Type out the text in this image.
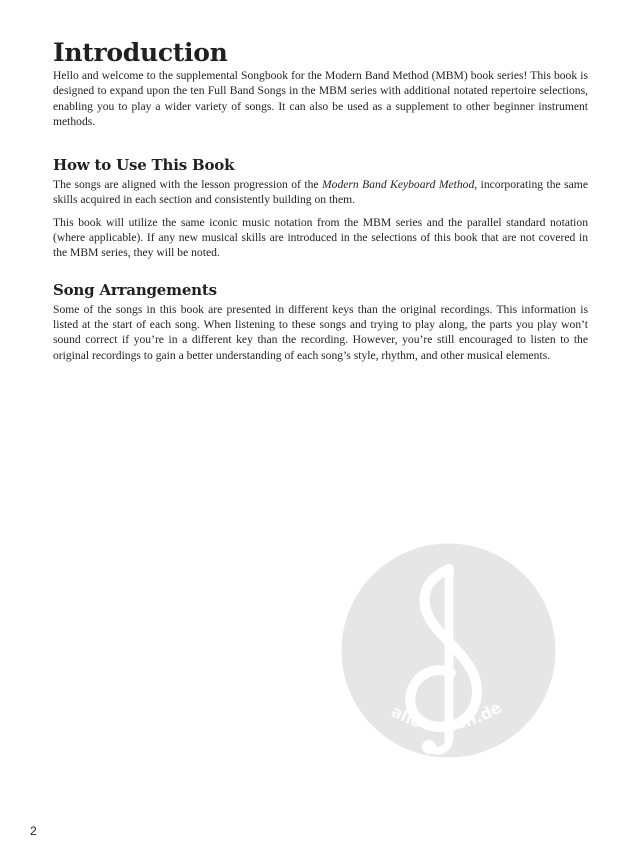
Introduction

Hello and welcome to the supplemental Songbook for the Modern Band Method (MBM) book series! This book is designed to expand upon the ten Full Band Songs in the MBM series with additional notated repertoire selections, enabling you to play a wider variety of songs. It can also be used as a supplement to other beginner instrument methods.

How to Use This Book

The songs are aligned with the lesson progression of the Modern Band Keyboard Method, incorporating the same skills acquired in each section and consistently building on them.

This book will utilize the same iconic music notation from the MBM series and the parallel standard notation (where applicable). If any new musical skills are introduced in the selections of this book that are not covered in the MBM series, they will be noted.

Song Arrangements

Some of the songs in this book are presented in different keys than the original recordings. This information is listed at the start of each song. When listening to these songs and trying to play along, the parts you play won’t sound correct if you’re in a different key than the recording. However, you’re still encouraged to listen to the original recordings to gain a better understanding of each song’s style, rhythm, and other musical elements.

alle-noten.de
2
